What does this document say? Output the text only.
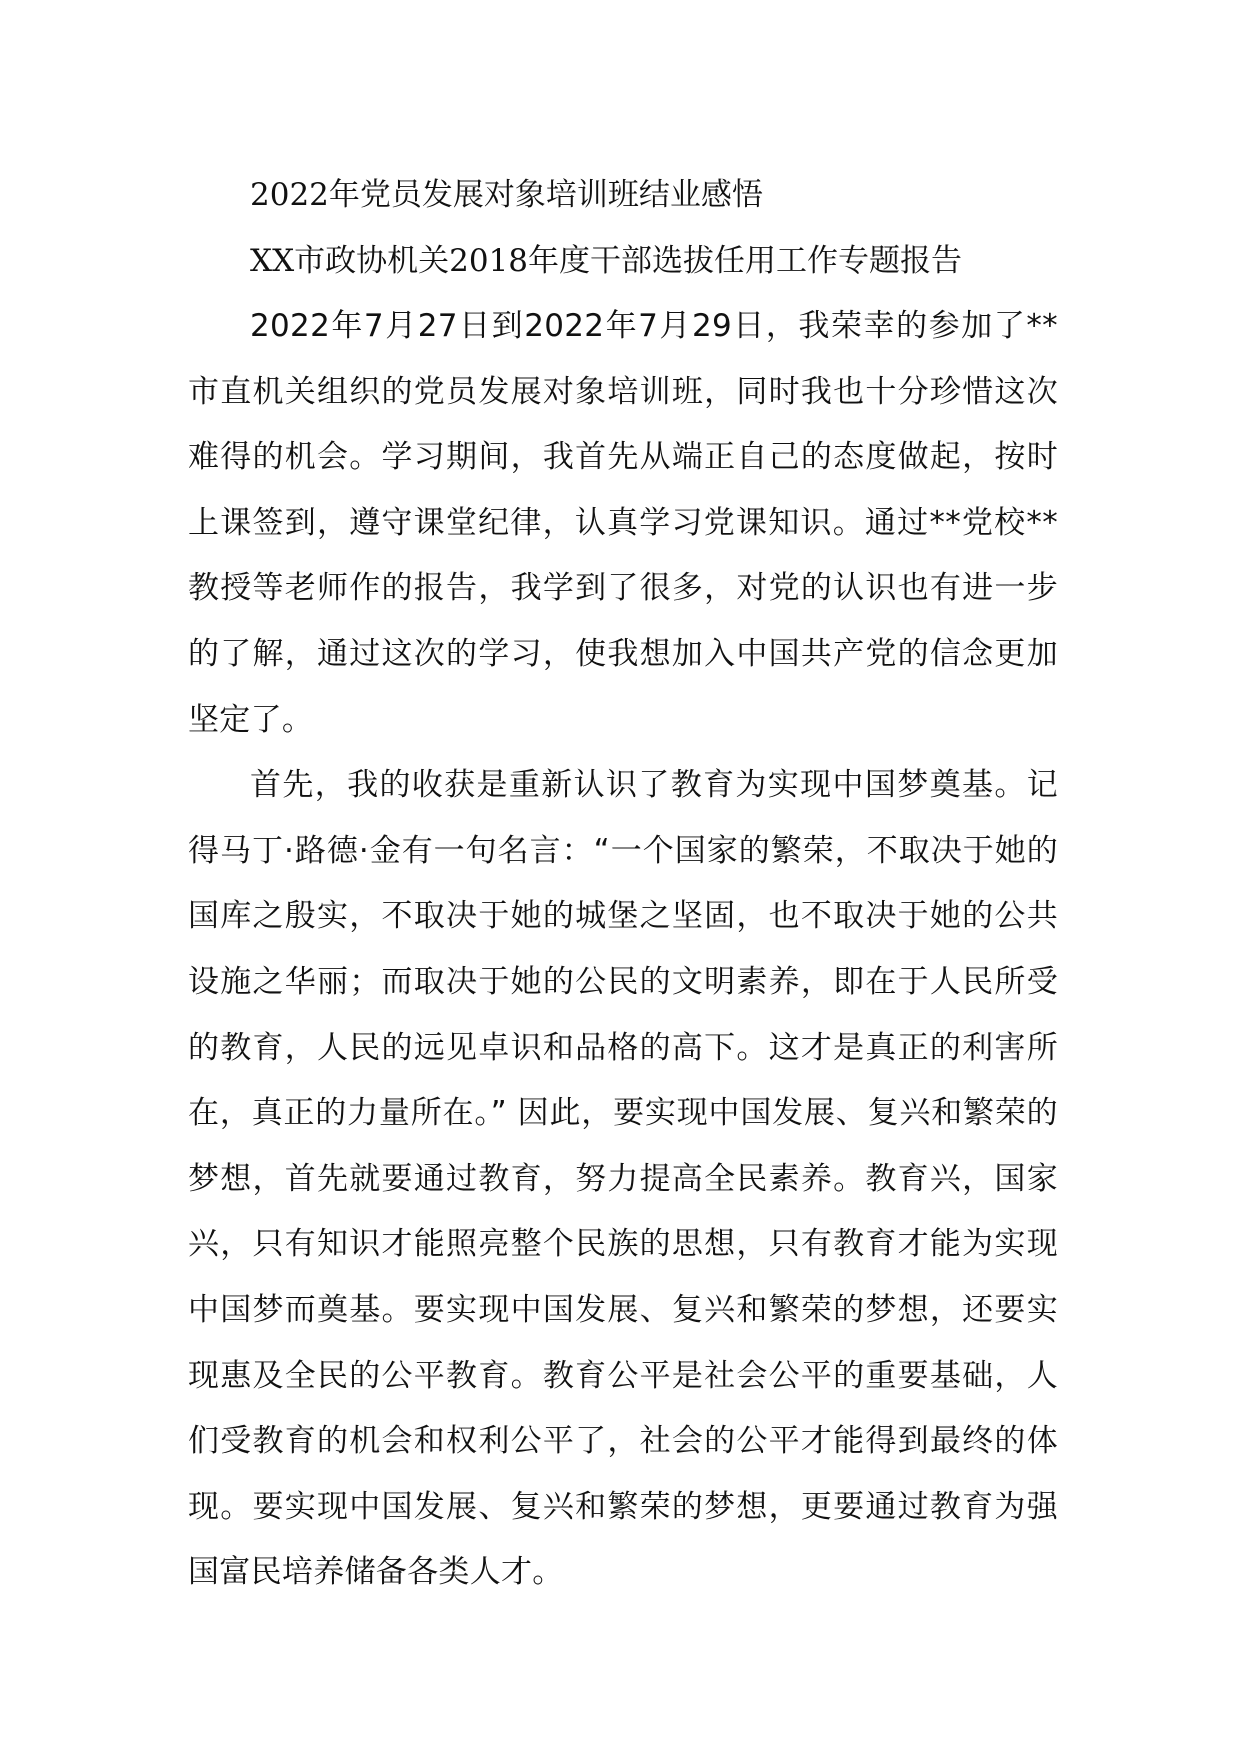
2022年党员发展对象培训班结业感悟

XX市政协机关2018年度干部选拔任用工作专题报告

2022年7月27日到2022年7月29日，我荣幸的参加了**市直机关组织的党员发展对象培训班，同时我也十分珍惜这次难得的机会。学习期间，我首先从端正自己的态度做起，按时上课签到，遵守课堂纪律，认真学习党课知识。通过**党校**教授等老师作的报告，我学到了很多，对党的认识也有进一步的了解，通过这次的学习，使我想加入中国共产党的信念更加坚定了。

首先，我的收获是重新认识了教育为实现中国梦奠基。记得马丁·路德·金有一句名言：“一个国家的繁荣，不取决于她的国库之殷实，不取决于她的城堡之坚固，也不取决于她的公共设施之华丽；而取决于她的公民的文明素养，即在于人民所受的教育，人民的远见卓识和品格的高下。这才是真正的利害所在，真正的力量所在。” 因此，要实现中国发展、复兴和繁荣的梦想，首先就要通过教育，努力提高全民素养。教育兴，国家兴，只有知识才能照亮整个民族的思想，只有教育才能为实现中国梦而奠基。要实现中国发展、复兴和繁荣的梦想，还要实现惠及全民的公平教育。教育公平是社会公平的重要基础，人们受教育的机会和权利公平了，社会的公平才能得到最终的体现。要实现中国发展、复兴和繁荣的梦想，更要通过教育为强国富民培养储备各类人才。
